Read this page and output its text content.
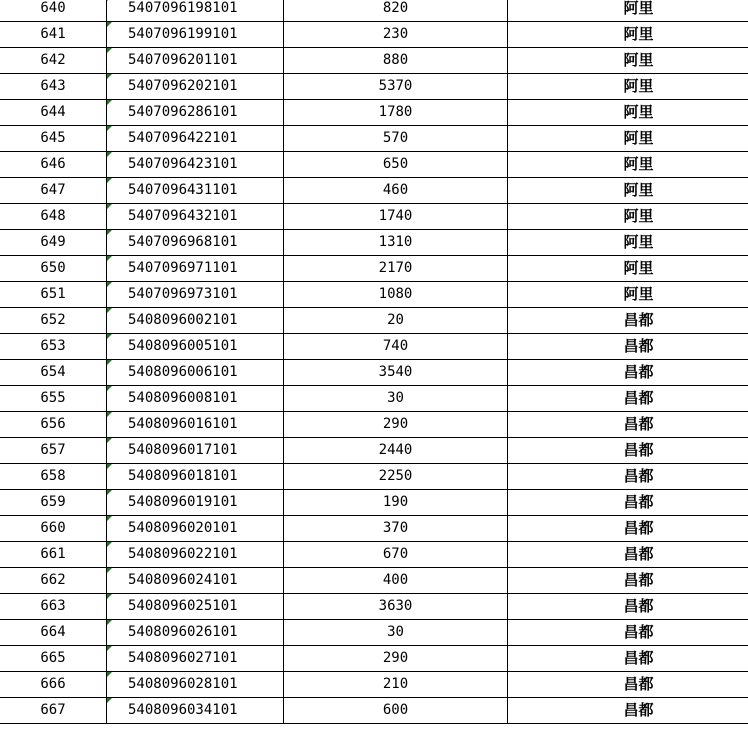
640	5407096198101	820	阿里
641	5407096199101	230	阿里
642	5407096201101	880	阿里
643	5407096202101	5370	阿里
644	5407096286101	1780	阿里
645	5407096422101	570	阿里
646	5407096423101	650	阿里
647	5407096431101	460	阿里
648	5407096432101	1740	阿里
649	5407096968101	1310	阿里
650	5407096971101	2170	阿里
651	5407096973101	1080	阿里
652	5408096002101	20	昌都
653	5408096005101	740	昌都
654	5408096006101	3540	昌都
655	5408096008101	30	昌都
656	5408096016101	290	昌都
657	5408096017101	2440	昌都
658	5408096018101	2250	昌都
659	5408096019101	190	昌都
660	5408096020101	370	昌都
661	5408096022101	670	昌都
662	5408096024101	400	昌都
663	5408096025101	3630	昌都
664	5408096026101	30	昌都
665	5408096027101	290	昌都
666	5408096028101	210	昌都
667	5408096034101	600	昌都
